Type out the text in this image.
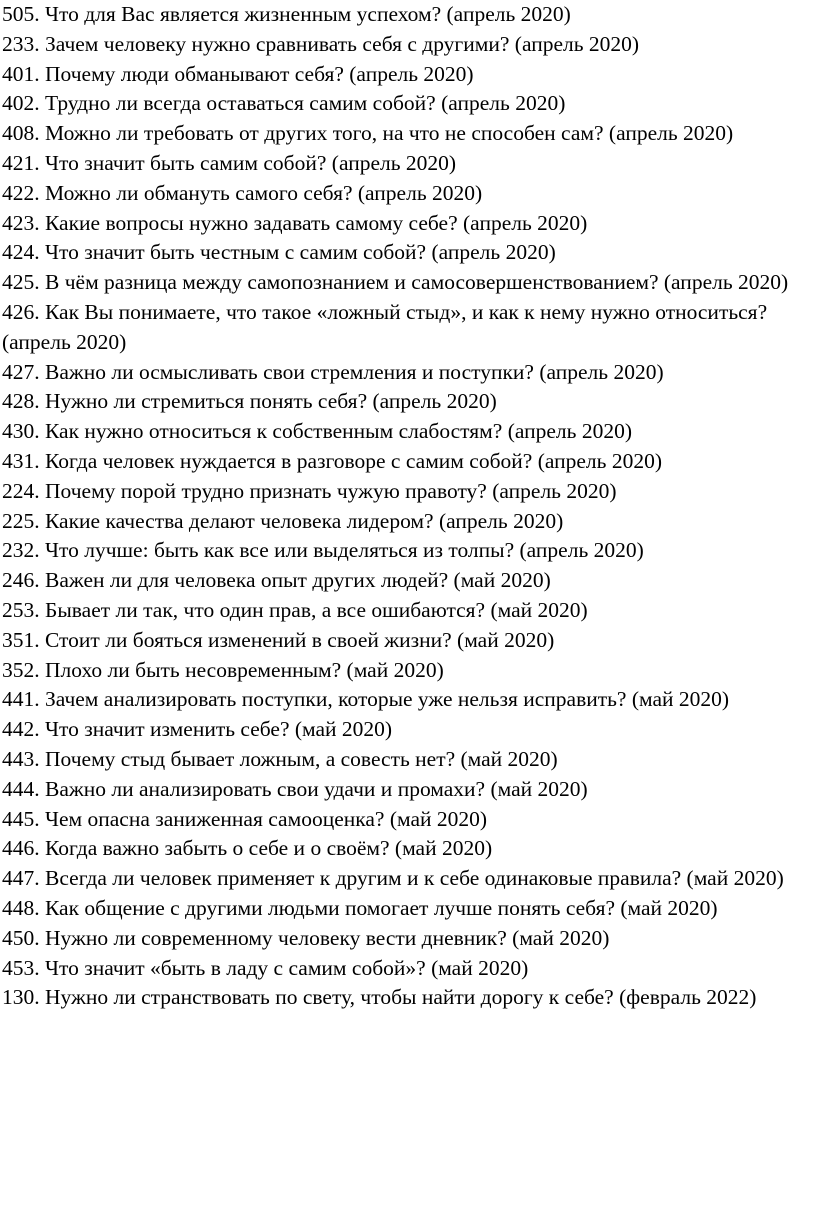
505. Что для Вас является жизненным успехом? (апрель 2020)

233. Зачем человеку нужно сравнивать себя с другими? (апрель 2020)

401. Почему люди обманывают себя? (апрель 2020)

402. Трудно ли всегда оставаться самим собой? (апрель 2020)

408. Можно ли требовать от других того, на что не способен сам? (апрель 2020)

421. Что значит быть самим собой? (апрель 2020)

422. Можно ли обмануть самого себя? (апрель 2020)

423. Какие вопросы нужно задавать самому себе? (апрель 2020)

424. Что значит быть честным с самим собой? (апрель 2020)

425. В чём разница между самопознанием и самосовершенствованием? (апрель 2020)

426. Как Вы понимаете, что такое «ложный стыд», и как к нему нужно относиться? (апрель 2020)

427. Важно ли осмысливать свои стремления и поступки? (апрель 2020)

428. Нужно ли стремиться понять себя? (апрель 2020)

430. Как нужно относиться к собственным слабостям? (апрель 2020)

431. Когда человек нуждается в разговоре с самим собой? (апрель 2020)

224. Почему порой трудно признать чужую правоту? (апрель 2020)

225. Какие качества делают человека лидером? (апрель 2020)

232. Что лучше: быть как все или выделяться из толпы? (апрель 2020)

246. Важен ли для человека опыт других людей? (май 2020)

253. Бывает ли так, что один прав, а все ошибаются? (май 2020)

351. Стоит ли бояться изменений в своей жизни? (май 2020)

352. Плохо ли быть несовременным? (май 2020)

441. Зачем анализировать поступки, которые уже нельзя исправить? (май 2020)

442. Что значит изменить себе? (май 2020)

443. Почему стыд бывает ложным, а совесть нет? (май 2020)

444. Важно ли анализировать свои удачи и промахи? (май 2020)

445. Чем опасна заниженная самооценка? (май 2020)

446. Когда важно забыть о себе и о своём? (май 2020)

447. Всегда ли человек применяет к другим и к себе одинаковые правила? (май 2020)

448. Как общение с другими людьми помогает лучше понять себя? (май 2020)

450. Нужно ли современному человеку вести дневник? (май 2020)

453. Что значит «быть в ладу с самим собой»? (май 2020)

130. Нужно ли странствовать по свету, чтобы найти дорогу к себе? (февраль 2022)
